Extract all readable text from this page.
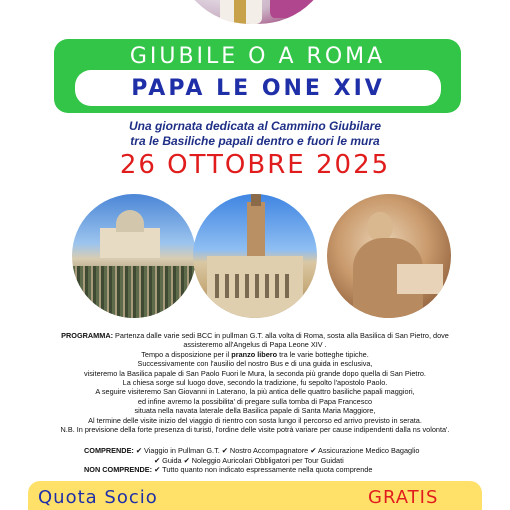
GIUBILE O A ROMA
PAPA LE ONE XIV
Una giornata dedicata al Cammino Giubilare
tra le Basiliche papali dentro e fuori le mura
26 OTTOBRE 2025
PROGRAMMA: Partenza dalle varie sedi BCC in pullman G.T. alla volta di Roma, sosta alla Basilica di San Pietro, dove
assisteremo all'Angelus di Papa Leone XIV .
Tempo a disposizione per il pranzo libero tra le varie botteghe tipiche.
Successivamente con l'ausilio del nostro Bus e di una guida in esclusiva,
visiteremo la Basilica papale di San Paolo Fuori le Mura, la seconda più grande dopo quella di San Pietro.
La chiesa sorge sul luogo dove, secondo la tradizione, fu sepolto l'apostolo Paolo.
A seguire visiteremo San Giovanni in Laterano, la più antica delle quattro basiliche papali maggiori,
ed infine avremo la possibilita' di pregare sulla tomba di Papa Francesco
situata nella navata laterale della Basilica papale di Santa Maria Maggiore,
Al termine delle visite inizio del viaggio di rientro con sosta lungo il percorso ed arrivo previsto in serata.
N.B. In previsione della forte presenza di turisti, l'ordine delle visite potrà variare per cause indipendenti dalla ns volonta'.
COMPRENDE: ✔ Viaggio in Pullman G.T. ✔ Nostro Accompagnatore ✔ Assicurazione Medico Bagaglio
✔ Guida ✔ Noleggio Auricolari Obbligatori per Tour Guidati
NON COMPRENDE: ✔ Tutto quanto non indicato espressamente nella quota comprende
Quota Socio	GRATIS
